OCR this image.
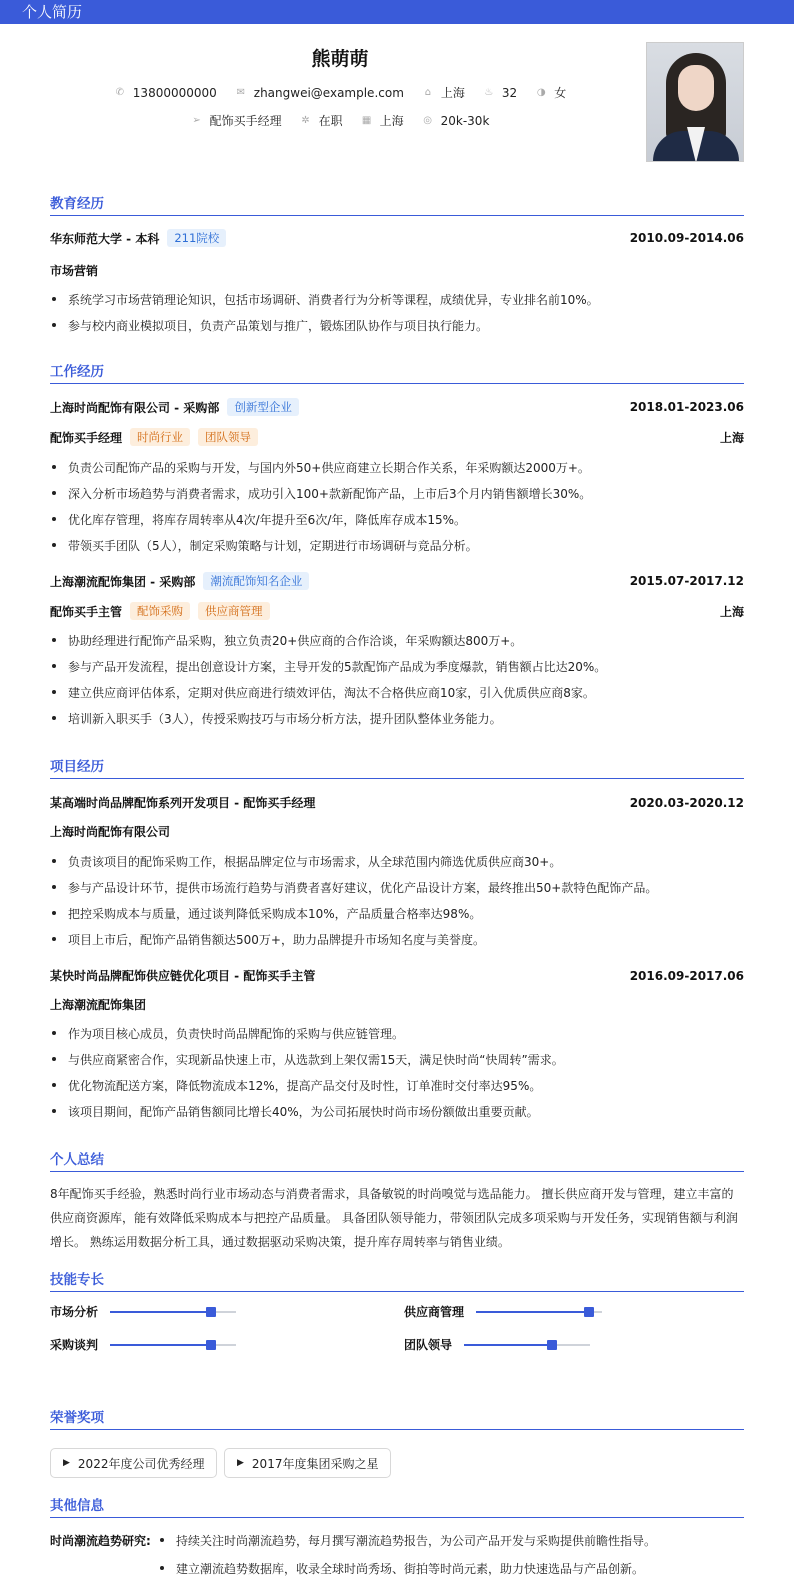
个人简历
熊萌萌
✆ 13800000000 ✉ zhangwei@example.com ⌂ 上海 ♨ 32 ◑ 女
➢ 配饰买手经理 ✲ 在职 ▦ 上海 ◎ 20k-30k
教育经历
华东师范大学 - 本科	211院校	2010.09-2014.06
市场营销
系统学习市场营销理论知识，包括市场调研、消费者行为分析等课程，成绩优异，专业排名前10%。
参与校内商业模拟项目，负责产品策划与推广，锻炼团队协作与项目执行能力。
工作经历
上海时尚配饰有限公司 - 采购部	创新型企业	2018.01-2023.06
配饰买手经理	时尚行业	团队领导	上海
负责公司配饰产品的采购与开发，与国内外50+供应商建立长期合作关系，年采购额达2000万+。
深入分析市场趋势与消费者需求，成功引入100+款新配饰产品，上市后3个月内销售额增长30%。
优化库存管理，将库存周转率从4次/年提升至6次/年，降低库存成本15%。
带领买手团队（5人），制定采购策略与计划，定期进行市场调研与竞品分析。
上海潮流配饰集团 - 采购部	潮流配饰知名企业	2015.07-2017.12
配饰买手主管	配饰采购	供应商管理	上海
协助经理进行配饰产品采购，独立负责20+供应商的合作洽谈，年采购额达800万+。
参与产品开发流程，提出创意设计方案，主导开发的5款配饰产品成为季度爆款，销售额占比达20%。
建立供应商评估体系，定期对供应商进行绩效评估，淘汰不合格供应商10家，引入优质供应商8家。
培训新入职买手（3人），传授采购技巧与市场分析方法，提升团队整体业务能力。
项目经历
某高端时尚品牌配饰系列开发项目 - 配饰买手经理	2020.03-2020.12
上海时尚配饰有限公司
负责该项目的配饰采购工作，根据品牌定位与市场需求，从全球范围内筛选优质供应商30+。
参与产品设计环节，提供市场流行趋势与消费者喜好建议，优化产品设计方案，最终推出50+款特色配饰产品。
把控采购成本与质量，通过谈判降低采购成本10%，产品质量合格率达98%。
项目上市后，配饰产品销售额达500万+，助力品牌提升市场知名度与美誉度。
某快时尚品牌配饰供应链优化项目 - 配饰买手主管	2016.09-2017.06
上海潮流配饰集团
作为项目核心成员，负责快时尚品牌配饰的采购与供应链管理。
与供应商紧密合作，实现新品快速上市，从选款到上架仅需15天，满足快时尚“快周转”需求。
优化物流配送方案，降低物流成本12%，提高产品交付及时性，订单准时交付率达95%。
该项目期间，配饰产品销售额同比增长40%，为公司拓展快时尚市场份额做出重要贡献。
个人总结
8年配饰买手经验，熟悉时尚行业市场动态与消费者需求，具备敏锐的时尚嗅觉与选品能力。 擅长供应商开发与管理，建立丰富的
供应商资源库，能有效降低采购成本与把控产品质量。 具备团队领导能力，带领团队完成多项采购与开发任务，实现销售额与利润
增长。 熟练运用数据分析工具，通过数据驱动采购决策，提升库存周转率与销售业绩。
技能专长
市场分析	供应商管理
采购谈判	团队领导
荣誉奖项
▶ 2022年度公司优秀经理	▶ 2017年度集团采购之星
其他信息
时尚潮流趋势研究:	持续关注时尚潮流趋势，每月撰写潮流趋势报告，为公司产品开发与采购提供前瞻性指导。
建立潮流趋势数据库，收录全球时尚秀场、街拍等时尚元素，助力快速选品与产品创新。
